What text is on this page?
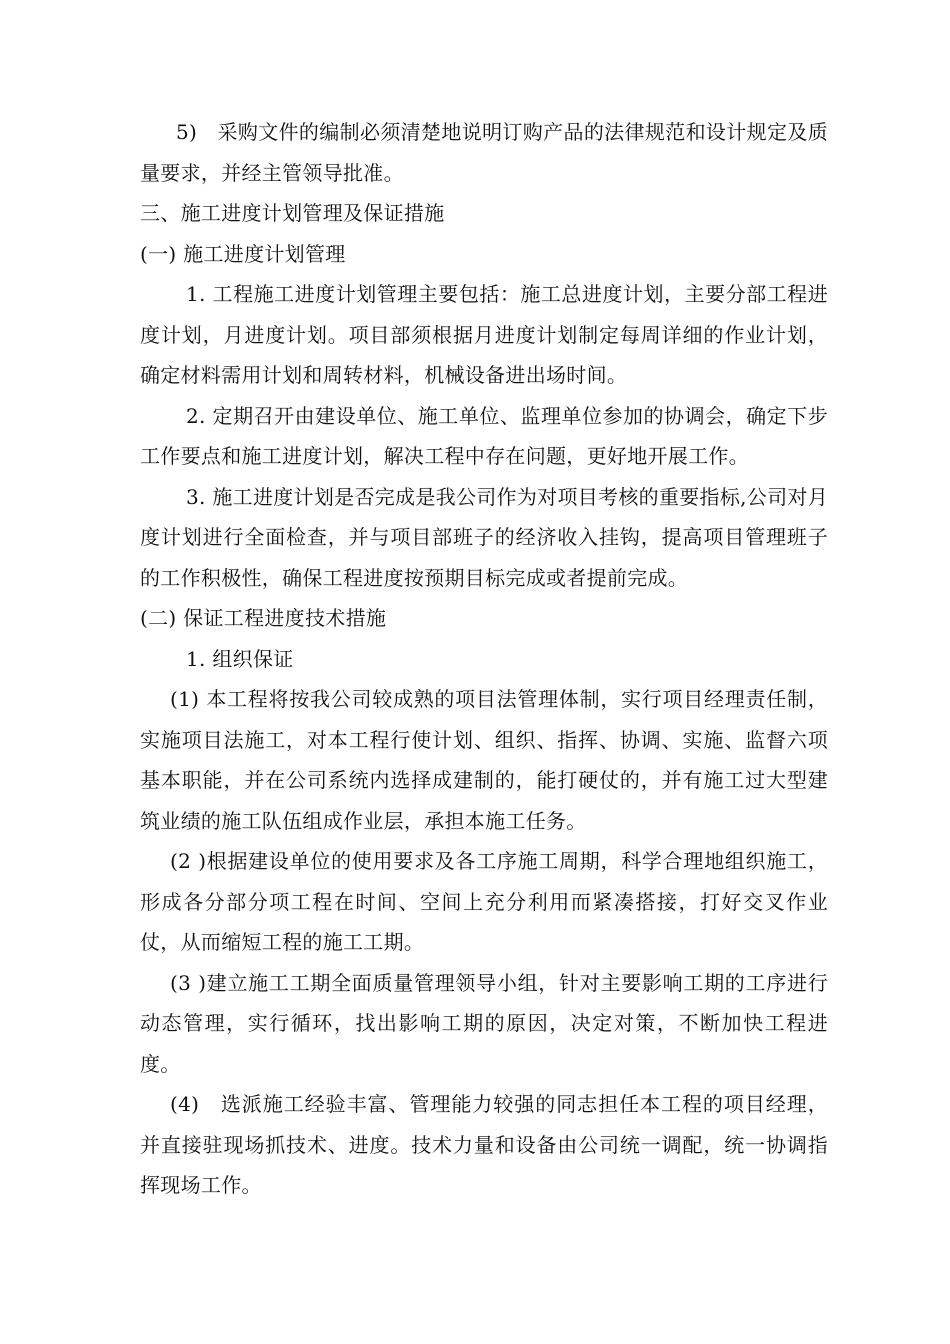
5)　采购文件的编制必须清楚地说明订购产品的法律规范和设计规定及质量要求，并经主管领导批准。

三、施工进度计划管理及保证措施

(一) 施工进度计划管理

1. 工程施工进度计划管理主要包括：施工总进度计划，主要分部工程进度计划，月进度计划。项目部须根据月进度计划制定每周详细的作业计划，确定材料需用计划和周转材料，机械设备进出场时间。

2. 定期召开由建设单位、施工单位、监理单位参加的协调会，确定下步工作要点和施工进度计划，解决工程中存在问题，更好地开展工作。

3. 施工进度计划是否完成是我公司作为对项目考核的重要指标,公司对月度计划进行全面检查，并与项目部班子的经济收入挂钩，提高项目管理班子的工作积极性，确保工程进度按预期目标完成或者提前完成。

(二) 保证工程进度技术措施

1. 组织保证

(1) 本工程将按我公司较成熟的项目法管理体制，实行项目经理责任制，实施项目法施工，对本工程行使计划、组织、指挥、协调、实施、监督六项基本职能，并在公司系统内选择成建制的，能打硬仗的，并有施工过大型建筑业绩的施工队伍组成作业层，承担本施工任务。

(2 )根据建设单位的使用要求及各工序施工周期，科学合理地组织施工，形成各分部分项工程在时间、空间上充分利用而紧凑搭接，打好交叉作业仗，从而缩短工程的施工工期。

(3 )建立施工工期全面质量管理领导小组，针对主要影响工期的工序进行动态管理，实行循环，找出影响工期的原因，决定对策，不断加快工程进度。

(4)　选派施工经验丰富、管理能力较强的同志担任本工程的项目经理，并直接驻现场抓技术、进度。技术力量和设备由公司统一调配，统一协调指挥现场工作。
